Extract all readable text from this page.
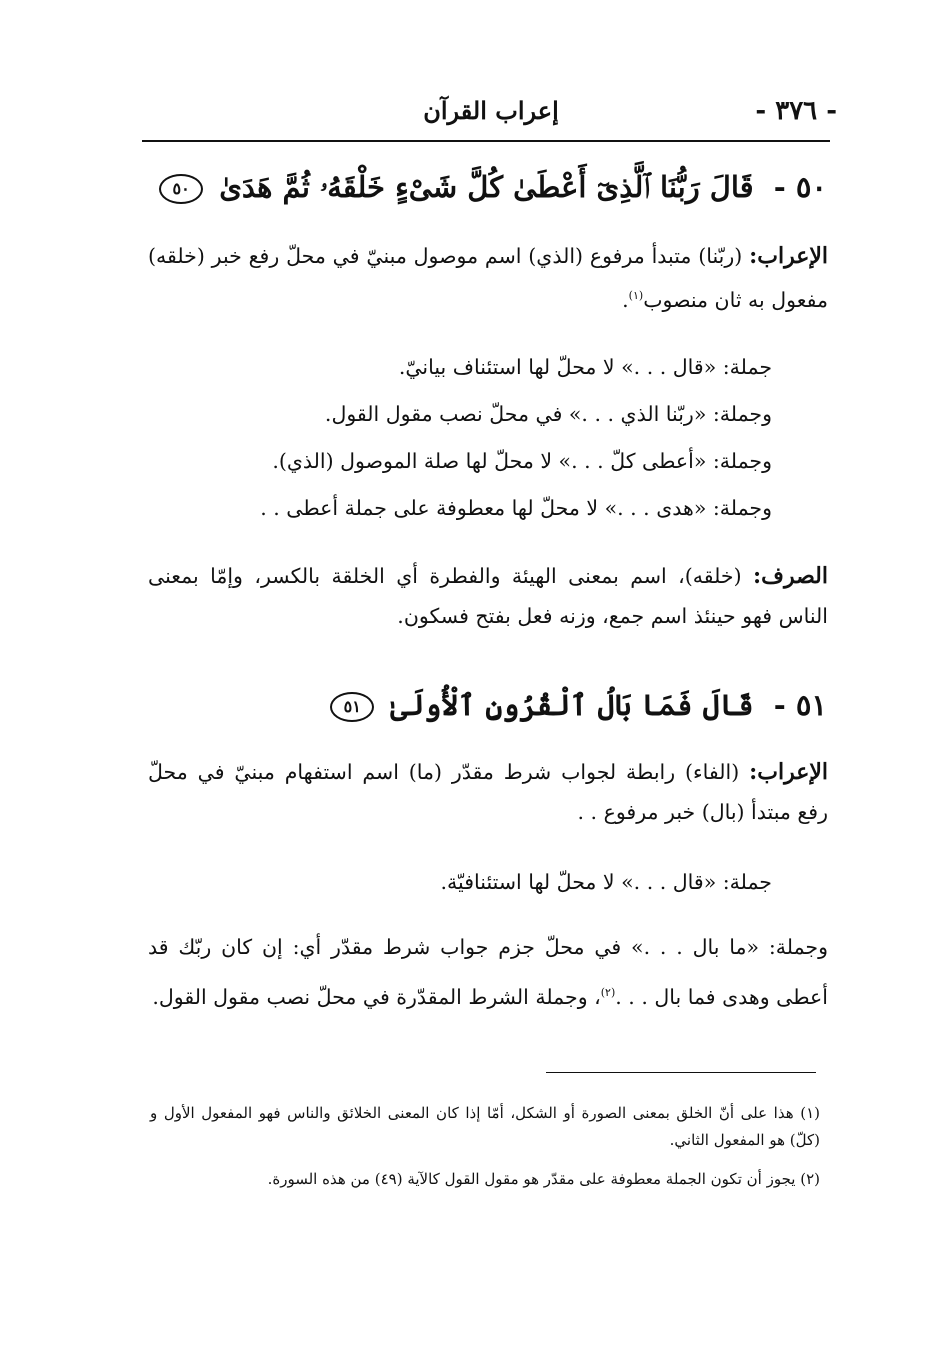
- ٣٧٦ -
إعراب القرآن
٥٠ - قَالَ رَبُّنَا ٱلَّذِىٓ أَعْطَىٰ كُلَّ شَىْءٍ خَلْقَهُۥ ثُمَّ هَدَىٰ ٥٠
الإعراب: (ربّنا) متبدأ مرفوع (الذي) اسم موصول مبنيّ في محلّ رفع خبر (خلقه) مفعول به ثان منصوب$^{(١)}$.
جملة: «قال . . .» لا محلّ لها استئناف بيانيّ.
وجملة: «ربّنا الذي . . .» في محلّ نصب مقول القول.
وجملة: «أعطى كلّ . . .» لا محلّ لها صلة الموصول (الذي).
وجملة: «هدى . . .» لا محلّ لها معطوفة على جملة أعطى . .
الصرف: (خلقه)، اسم بمعنى الهيئة والفطرة أي الخلقة بالكسر، وإمّا بمعنى الناس فهو حينئذ اسم جمع، وزنه فعل بفتح فسكون.
٥١ - قَالَ فَمَا بَالُ ٱلْقُرُونِ ٱلْأُولَىٰ ٥١
الإعراب: (الفاء) رابطة لجواب شرط مقدّر (ما) اسم استفهام مبنيّ في محلّ رفع مبتدأ (بال) خبر مرفوع . .
جملة: «قال . . .» لا محلّ لها استئنافيّة.
وجملة: «ما بال . . .» في محلّ جزم جواب شرط مقدّر أي: إن كان ربّك قد أعطى وهدى فما بال . . .$^{(٢)}$، وجملة الشرط المقدّرة في محلّ نصب مقول القول.
(١) هذا على أنّ الخلق بمعنى الصورة أو الشكل، أمّا إذا كان المعنى الخلائق والناس فهو المفعول الأول و (كلّ) هو المفعول الثاني.
(٢) يجوز أن تكون الجملة معطوفة على مقدّر هو مقول القول كالآية (٤٩) من هذه السورة.
